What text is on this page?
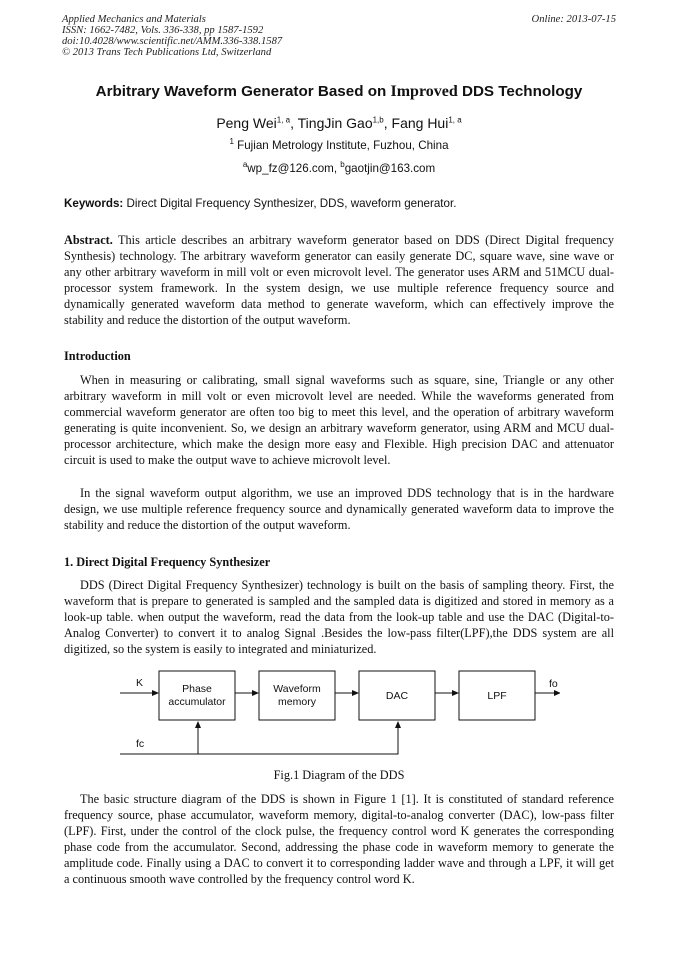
Applied Mechanics and Materials
ISSN: 1662-7482, Vols. 336-338, pp 1587-1592
doi:10.4028/www.scientific.net/AMM.336-338.1587
© 2013 Trans Tech Publications Ltd, Switzerland
Online: 2013-07-15
Arbitrary Waveform Generator Based on Improved DDS Technology
Peng Wei$^{1, a}$, TingJin Gao$^{1,b}$, Fang Hui$^{1, a}$
$^1$ Fujian Metrology Institute, Fuzhou, China
$^a$wp_fz@126.com, $^b$gaotjin@163.com
Keywords: Direct Digital Frequency Synthesizer, DDS, waveform generator.

Abstract. This article describes an arbitrary waveform generator based on DDS (Direct Digital frequency Synthesis) technology. The arbitrary waveform generator can easily generate DC, square wave, sine wave or any other arbitrary waveform in mill volt or even microvolt level. The generator uses ARM and 51MCU dual-processor system framework. In the system design, we use multiple reference frequency source and dynamically generated waveform data method to generate waveform, which can effectively improve the stability and reduce the distortion of the output waveform.

Introduction

When in measuring or calibrating, small signal waveforms such as square, sine, Triangle or any other arbitrary waveform in mill volt or even microvolt level are needed. While the waveforms generated from commercial waveform generator are often too big to meet this level, and the operation of arbitrary waveform generating is quite inconvenient. So, we design an arbitrary waveform generator, using ARM and MCU dual-processor architecture, which make the design more easy and Flexible. High precision DAC and attenuator circuit is used to make the output wave to achieve microvolt level.

In the signal waveform output algorithm, we use an improved DDS technology that is in the hardware design, we use multiple reference frequency source and dynamically generated waveform data to improve the stability and reduce the distortion of the output waveform.

1. Direct Digital Frequency Synthesizer

DDS (Direct Digital Frequency Synthesizer) technology is built on the basis of sampling theory. First, the waveform that is prepare to generated is sampled and the sampled data is digitized and stored in memory as a look-up table. when output the waveform, read the data from the look-up table and use the DAC (Digital-to-Analog Converter) to convert it to analog Signal .Besides the low-pass filter(LPF),the DDS system are all digitized, so the system is easily to integrated and miniaturized.

K	Phase
accumulator
Waveform
memory	DAC	LPF
fo
fc
Fig.1 Diagram of the DDS

The basic structure diagram of the DDS is shown in Figure 1 [1]. It is constituted of standard reference frequency source, phase accumulator, waveform memory, digital-to-analog converter (DAC), low-pass filter (LPF). First, under the control of the clock pulse, the frequency control word K generates the corresponding phase code from the accumulator. Second, addressing the phase code in waveform memory to generate the amplitude code. Finally using a DAC to convert it to corresponding ladder wave and through a LPF, it will get a continuous smooth wave controlled by the frequency control word K.
